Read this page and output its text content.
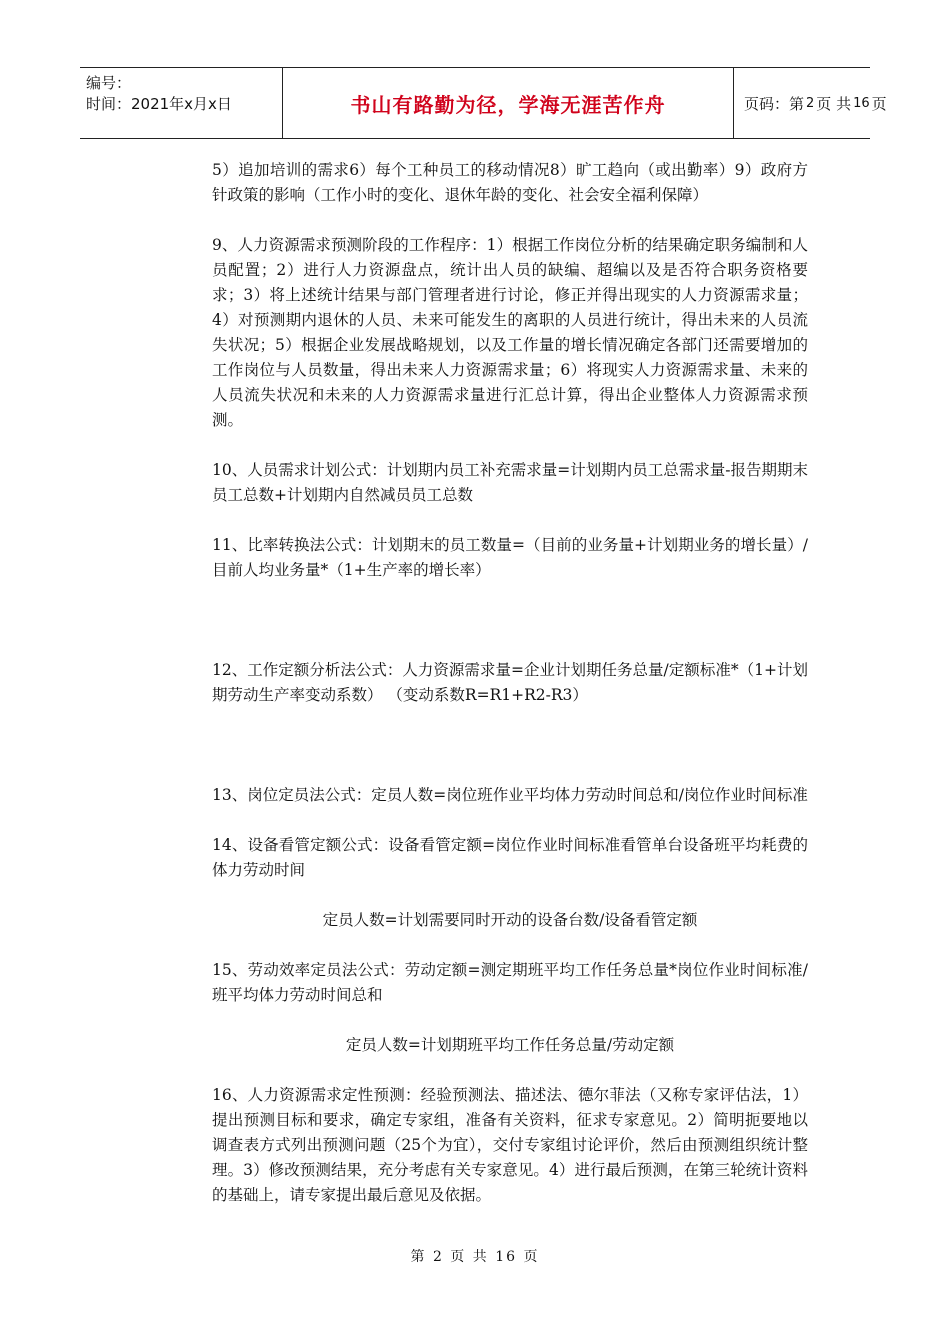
编号：
时间：2021年x月x日	书山有路勤为径，学海无涯苦作舟	页码：第 2 页 共 16 页

5）追加培训的需求6）每个工种员工的移动情况8）旷工趋向（或出勤率）9）政府方针政策的影响（工作小时的变化、退休年龄的变化、社会安全福利保障）

9、人力资源需求预测阶段的工作程序：1）根据工作岗位分析的结果确定职务编制和人员配置；2）进行人力资源盘点，统计出人员的缺编、超编以及是否符合职务资格要求；3）将上述统计结果与部门管理者进行讨论，修正并得出现实的人力资源需求量；4）对预测期内退休的人员、未来可能发生的离职的人员进行统计，得出未来的人员流失状况；5）根据企业发展战略规划，以及工作量的增长情况确定各部门还需要增加的工作岗位与人员数量，得出未来人力资源需求量；6）将现实人力资源需求量、未来的人员流失状况和未来的人力资源需求量进行汇总计算，得出企业整体人力资源需求预测。

10、人员需求计划公式：计划期内员工补充需求量=计划期内员工总需求量-报告期期末员工总数+计划期内自然减员员工总数

11、比率转换法公式：计划期末的员工数量=（目前的业务量+计划期业务的增长量）/目前人均业务量*（1+生产率的增长率）

12、工作定额分析法公式：人力资源需求量=企业计划期任务总量/定额标准*（1+计划期劳动生产率变动系数） （变动系数R=R1+R2-R3）

13、岗位定员法公式：定员人数=岗位班作业平均体力劳动时间总和/岗位作业时间标准

14、设备看管定额公式：设备看管定额=岗位作业时间标准看管单台设备班平均耗费的体力劳动时间

定员人数=计划需要同时开动的设备台数/设备看管定额

15、劳动效率定员法公式：劳动定额=测定期班平均工作任务总量*岗位作业时间标准/班平均体力劳动时间总和

定员人数=计划期班平均工作任务总量/劳动定额

16、人力资源需求定性预测：经验预测法、描述法、德尔菲法（又称专家评估法，1）提出预测目标和要求，确定专家组，准备有关资料，征求专家意见。2）简明扼要地以调查表方式列出预测问题（25个为宜），交付专家组讨论评价，然后由预测组织统计整理。3）修改预测结果，充分考虑有关专家意见。4）进行最后预测，在第三轮统计资料的基础上，请专家提出最后意见及依据。

第 2 页 共 16 页
